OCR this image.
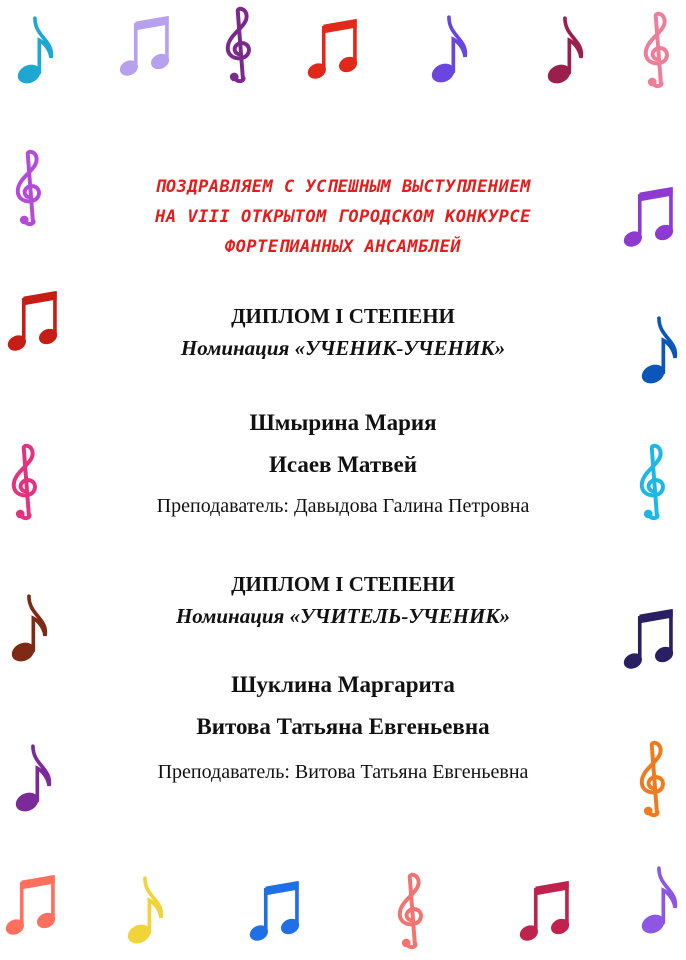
ПОЗДРАВЛЯЕМ С УСПЕШНЫМ ВЫСТУПЛЕНИЕМ
НА VIII ОТКРЫТОМ ГОРОДСКОМ КОНКУРСЕ
ФОРТЕПИАННЫХ АНСАМБЛЕЙ
ДИПЛОМ I СТЕПЕНИ
Номинация «УЧЕНИК-УЧЕНИК»
Шмырина Мария
Исаев Матвей
Преподаватель: Давыдова Галина Петровна
ДИПЛОМ I СТЕПЕНИ
Номинация «УЧИТЕЛЬ-УЧЕНИК»
Шуклина Маргарита
Витова Татьяна Евгеньевна
Преподаватель: Витова Татьяна Евгеньевна
